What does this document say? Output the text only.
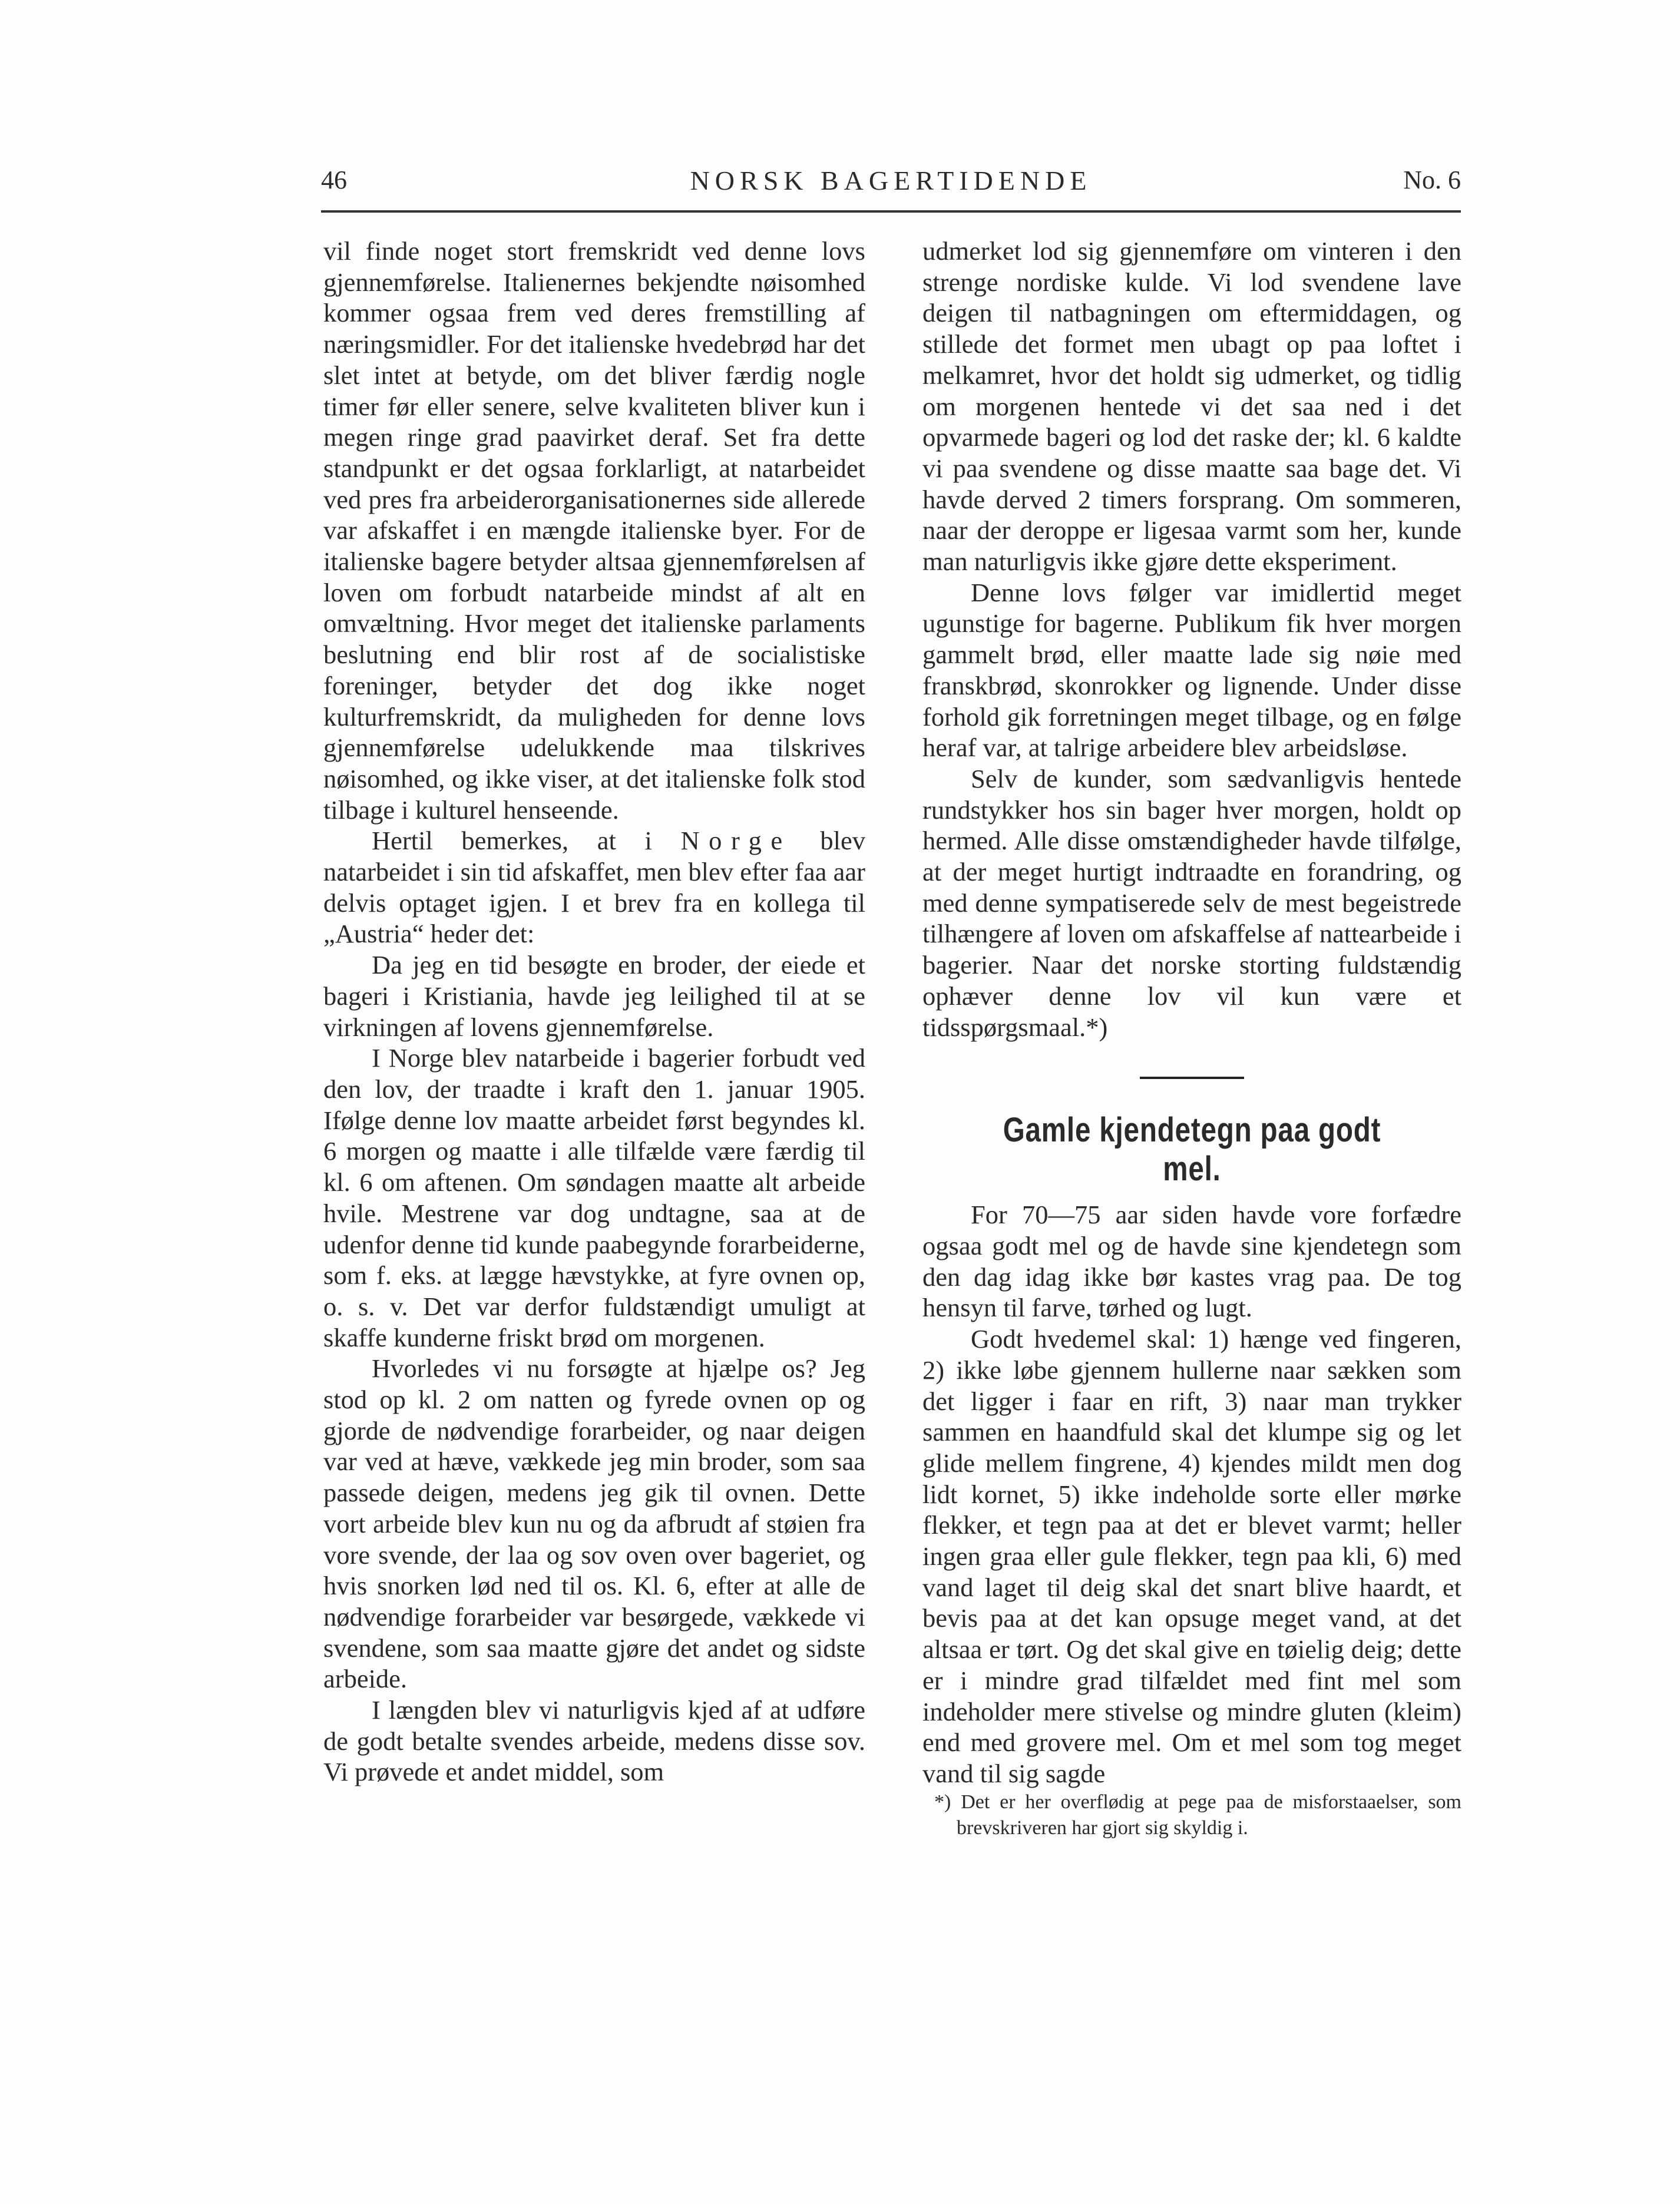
46	NORSK BAGERTIDENDE	No. 6

vil finde noget stort fremskridt ved denne lovs gjennemførelse. Italienernes bekjendte nøisomhed kommer ogsaa frem ved deres fremstilling af næringsmidler. For det italienske hvedebrød har det slet intet at betyde, om det bliver færdig nogle timer før eller senere, selve kvaliteten bliver kun i megen ringe grad paavirket deraf. Set fra dette standpunkt er det ogsaa forklarligt, at natarbeidet ved pres fra arbeiderorganisationernes side allerede var afskaffet i en mængde italienske byer. For de italienske bagere betyder altsaa gjennemførelsen af loven om forbudt natarbeide mindst af alt en omvæltning. Hvor meget det italienske parlaments beslutning end blir rost af de socialistiske foreninger, betyder det dog ikke noget kulturfremskridt, da muligheden for denne lovs gjennemførelse udelukkende maa tilskrives nøisomhed, og ikke viser, at det italienske folk stod tilbage i kulturel henseende.

Hertil bemerkes, at i Norge blev natarbeidet i sin tid afskaffet, men blev efter faa aar delvis optaget igjen. I et brev fra en kollega til „Austria“ heder det:

Da jeg en tid besøgte en broder, der eiede et bageri i Kristiania, havde jeg leilighed til at se virkningen af lovens gjennemførelse.

I Norge blev natarbeide i bagerier forbudt ved den lov, der traadte i kraft den 1. januar 1905. Ifølge denne lov maatte arbeidet først begyndes kl. 6 morgen og maatte i alle tilfælde være færdig til kl. 6 om aftenen. Om søndagen maatte alt arbeide hvile. Mestrene var dog undtagne, saa at de udenfor denne tid kunde paabegynde forarbeiderne, som f. eks. at lægge hævstykke, at fyre ovnen op, o. s. v. Det var derfor fuldstændigt umuligt at skaffe kunderne friskt brød om morgenen.

Hvorledes vi nu forsøgte at hjælpe os? Jeg stod op kl. 2 om natten og fyrede ovnen op og gjorde de nødvendige forarbeider, og naar deigen var ved at hæve, vækkede jeg min broder, som saa passede deigen, medens jeg gik til ovnen. Dette vort arbeide blev kun nu og da afbrudt af støien fra vore svende, der laa og sov oven over bageriet, og hvis snorken lød ned til os. Kl. 6, efter at alle de nødvendige forarbeider var besørgede, vækkede vi svendene, som saa maatte gjøre det andet og sidste arbeide.

I længden blev vi naturligvis kjed af at udføre de godt betalte svendes arbeide, medens disse sov. Vi prøvede et andet middel, som

udmerket lod sig gjennemføre om vinteren i den strenge nordiske kulde. Vi lod svendene lave deigen til natbagningen om eftermiddagen, og stillede det formet men ubagt op paa loftet i melkamret, hvor det holdt sig udmerket, og tidlig om morgenen hentede vi det saa ned i det opvarmede bageri og lod det raske der; kl. 6 kaldte vi paa svendene og disse maatte saa bage det. Vi havde derved 2 timers forsprang. Om sommeren, naar der deroppe er ligesaa varmt som her, kunde man naturligvis ikke gjøre dette eksperiment.

Denne lovs følger var imidlertid meget ugunstige for bagerne. Publikum fik hver morgen gammelt brød, eller maatte lade sig nøie med franskbrød, skonrokker og lignende. Under disse forhold gik forretningen meget tilbage, og en følge heraf var, at talrige arbeidere blev arbeidsløse.

Selv de kunder, som sædvanligvis hentede rundstykker hos sin bager hver morgen, holdt op hermed. Alle disse omstændigheder havde tilfølge, at der meget hurtigt indtraadte en forandring, og med denne sympatiserede selv de mest begeistrede tilhængere af loven om afskaffelse af nattearbeide i bagerier. Naar det norske storting fuldstændig ophæver denne lov vil kun være et tidsspørgsmaal.*)

Gamle kjendetegn paa godt mel.

For 70—75 aar siden havde vore forfædre ogsaa godt mel og de havde sine kjendetegn som den dag idag ikke bør kastes vrag paa. De tog hensyn til farve, tørhed og lugt.

Godt hvedemel skal: 1) hænge ved fingeren, 2) ikke løbe gjennem hullerne naar sækken som det ligger i faar en rift, 3) naar man trykker sammen en haandfuld skal det klumpe sig og let glide mellem fingrene, 4) kjendes mildt men dog lidt kornet, 5) ikke indeholde sorte eller mørke flekker, et tegn paa at det er blevet varmt; heller ingen graa eller gule flekker, tegn paa kli, 6) med vand laget til deig skal det snart blive haardt, et bevis paa at det kan opsuge meget vand, at det altsaa er tørt. Og det skal give en tøielig deig; dette er i mindre grad tilfældet med fint mel som indeholder mere stivelse og mindre gluten (kleim) end med grovere mel. Om et mel som tog meget vand til sig sagde

*) Det er her overflødig at pege paa de misforstaaelser, som brevskriveren har gjort sig skyldig i.
